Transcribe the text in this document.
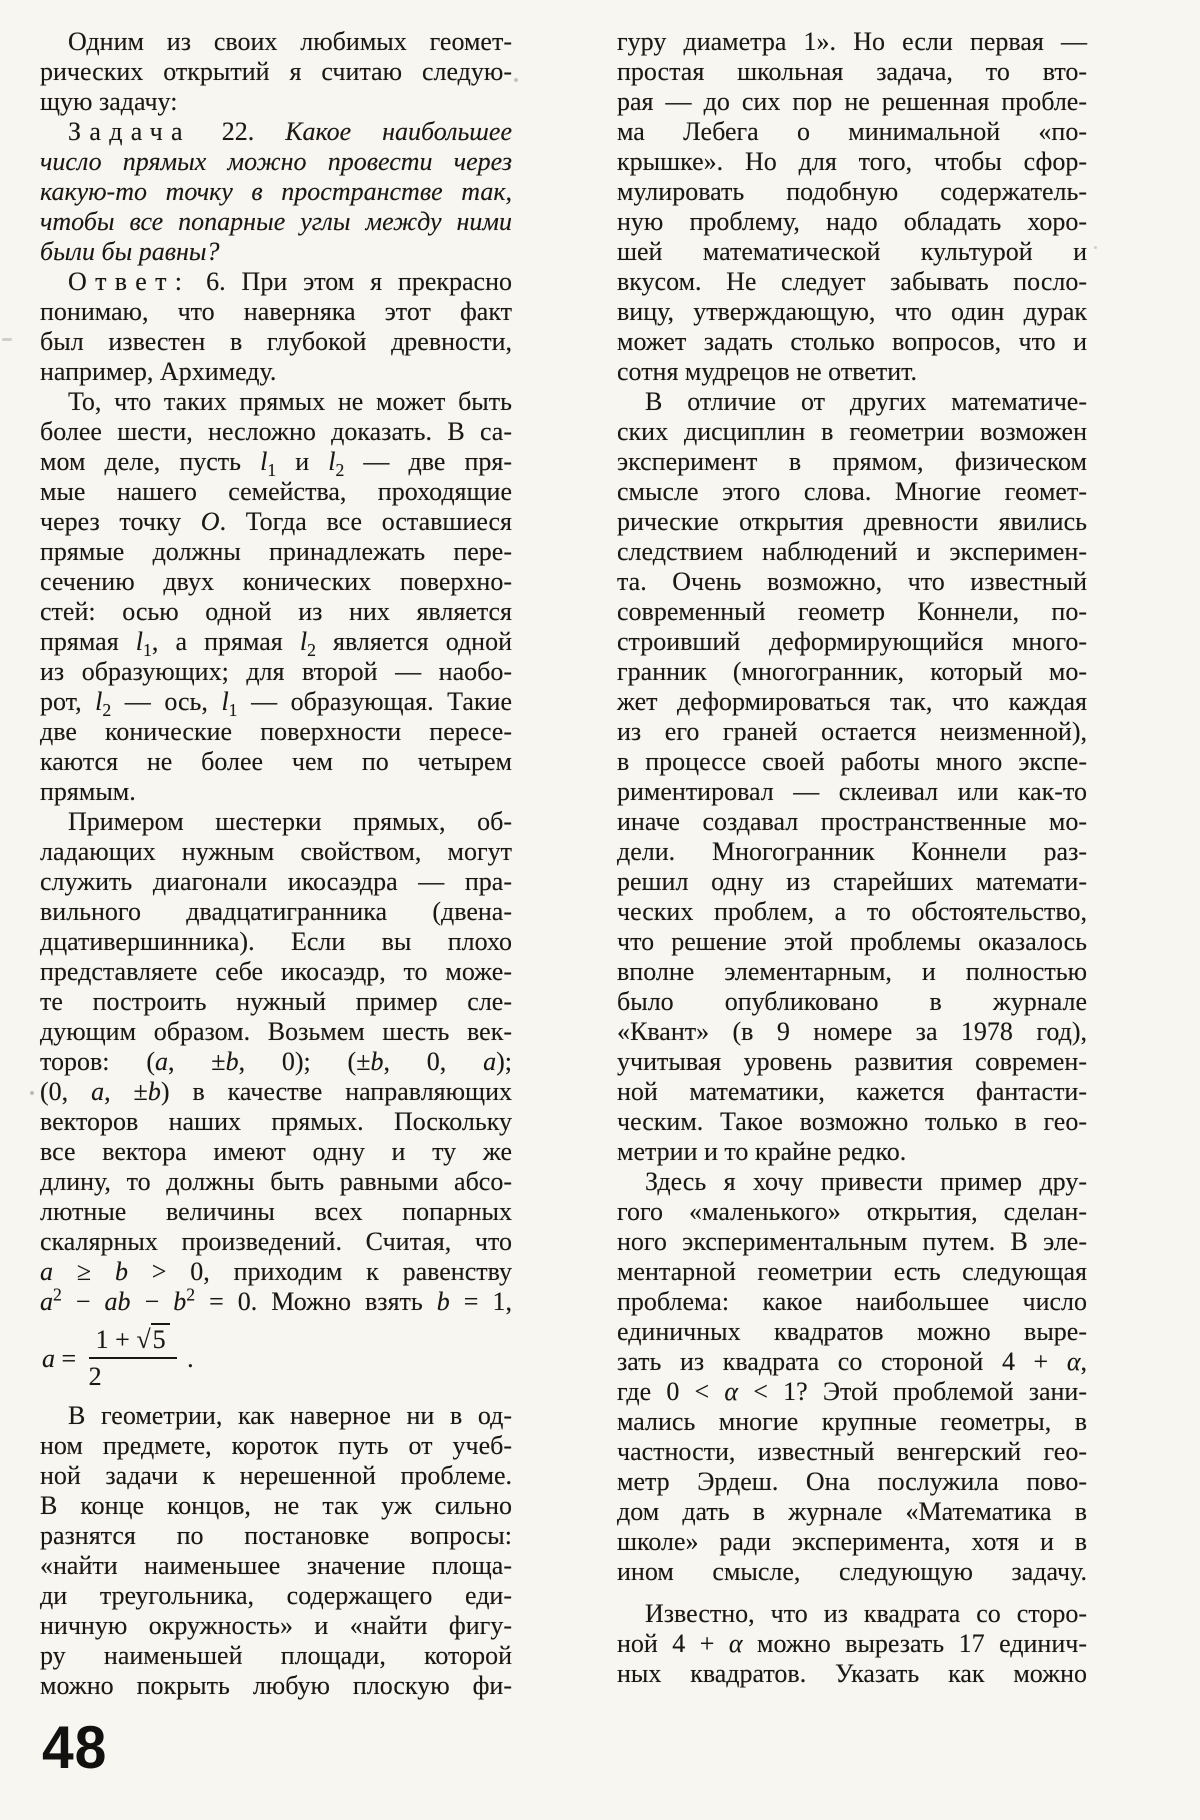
Одним из своих любимых геомет-
рических открытий я считаю следую-
щую задачу:
Задача 22. Какое наибольшее
число прямых можно провести через
какую-то точку в пространстве так,
чтобы все попарные углы между ними
были бы равны?
Ответ: 6. При этом я прекрасно
понимаю, что наверняка этот факт
был известен в глубокой древности,
например, Архимеду.
То, что таких прямых не может быть
более шести, несложно доказать. В са-
мом деле, пусть $l_1$ и $l_2$ — две пря-
мые нашего семейства, проходящие
через точку O. Тогда все оставшиеся
прямые должны принадлежать пере-
сечению двух конических поверхно-
стей: осью одной из них является
прямая $l_1$, а прямая $l_2$ является одной
из образующих; для второй — наобо-
рот, $l_2$ — ось, $l_1$ — образующая. Такие
две конические поверхности пересе-
каются не более чем по четырем
прямым.
Примером шестерки прямых, об-
ладающих нужным свойством, могут
служить диагонали икосаэдра — пра-
вильного двадцатигранника (двена-
дцативершинника). Если вы плохо
представляете себе икосаэдр, то може-
те построить нужный пример сле-
дующим образом. Возьмем шесть век-
торов: (a, ±b, 0); (±b, 0, a);
(0, a, ±b) в качестве направляющих
векторов наших прямых. Поскольку
все вектора имеют одну и ту же
длину, то должны быть равными абсо-
лютные величины всех попарных
скалярных произведений. Считая, что
a ≥ b > 0, приходим к равенству
$a^2$ − ab − $b^2 = 0$. Можно взять b = 1,
$a = \frac{1 + √5}{2}$ .
В геометрии, как наверное ни в од-
ном предмете, короток путь от учеб-
ной задачи к нерешенной проблеме.
В конце концов, не так уж сильно
разнятся по постановке вопросы:
«найти наименьшее значение площа-
ди треугольника, содержащего еди-
ничную окружность» и «найти фигу-
ру наименьшей площади, которой
можно покрыть любую плоскую фи-
гуру диаметра 1». Но если первая —
простая школьная задача, то вто-
рая — до сих пор не решенная пробле-
ма Лебега о минимальной «по-
крышке». Но для того, чтобы сфор-
мулировать подобную содержатель-
ную проблему, надо обладать хоро-
шей математической культурой и
вкусом. Не следует забывать посло-
вицу, утверждающую, что один дурак
может задать столько вопросов, что и
сотня мудрецов не ответит.
В отличие от других математиче-
ских дисциплин в геометрии возможен
эксперимент в прямом, физическом
смысле этого слова. Многие геомет-
рические открытия древности явились
следствием наблюдений и эксперимен-
та. Очень возможно, что известный
современный геометр Коннели, по-
строивший деформирующийся много-
гранник (многогранник, который мо-
жет деформироваться так, что каждая
из его граней остается неизменной),
в процессе своей работы много экспе-
риментировал — склеивал или как-то
иначе создавал пространственные мо-
дели. Многогранник Коннели раз-
решил одну из старейших математи-
ческих проблем, а то обстоятельство,
что решение этой проблемы оказалось
вполне элементарным, и полностью
было опубликовано в журнале
«Квант» (в 9 номере за 1978 год),
учитывая уровень развития современ-
ной математики, кажется фантасти-
ческим. Такое возможно только в гео-
метрии и то крайне редко.
Здесь я хочу привести пример дру-
гого «маленького» открытия, сделан-
ного экспериментальным путем. В эле-
ментарной геометрии есть следующая
проблема: какое наибольшее число
единичных квадратов можно выре-
зать из квадрата со стороной 4 + α,
где 0 < α < 1? Этой проблемой зани-
мались многие крупные геометры, в
частности, известный венгерский гео-
метр Эрдеш. Она послужила пово-
дом дать в журнале «Математика в
школе» ради эксперимента, хотя и в
ином смысле, следующую задачу.
Известно, что из квадрата со сторо-
ной 4 + α можно вырезать 17 единич-
ных квадратов. Указать как можно
48
